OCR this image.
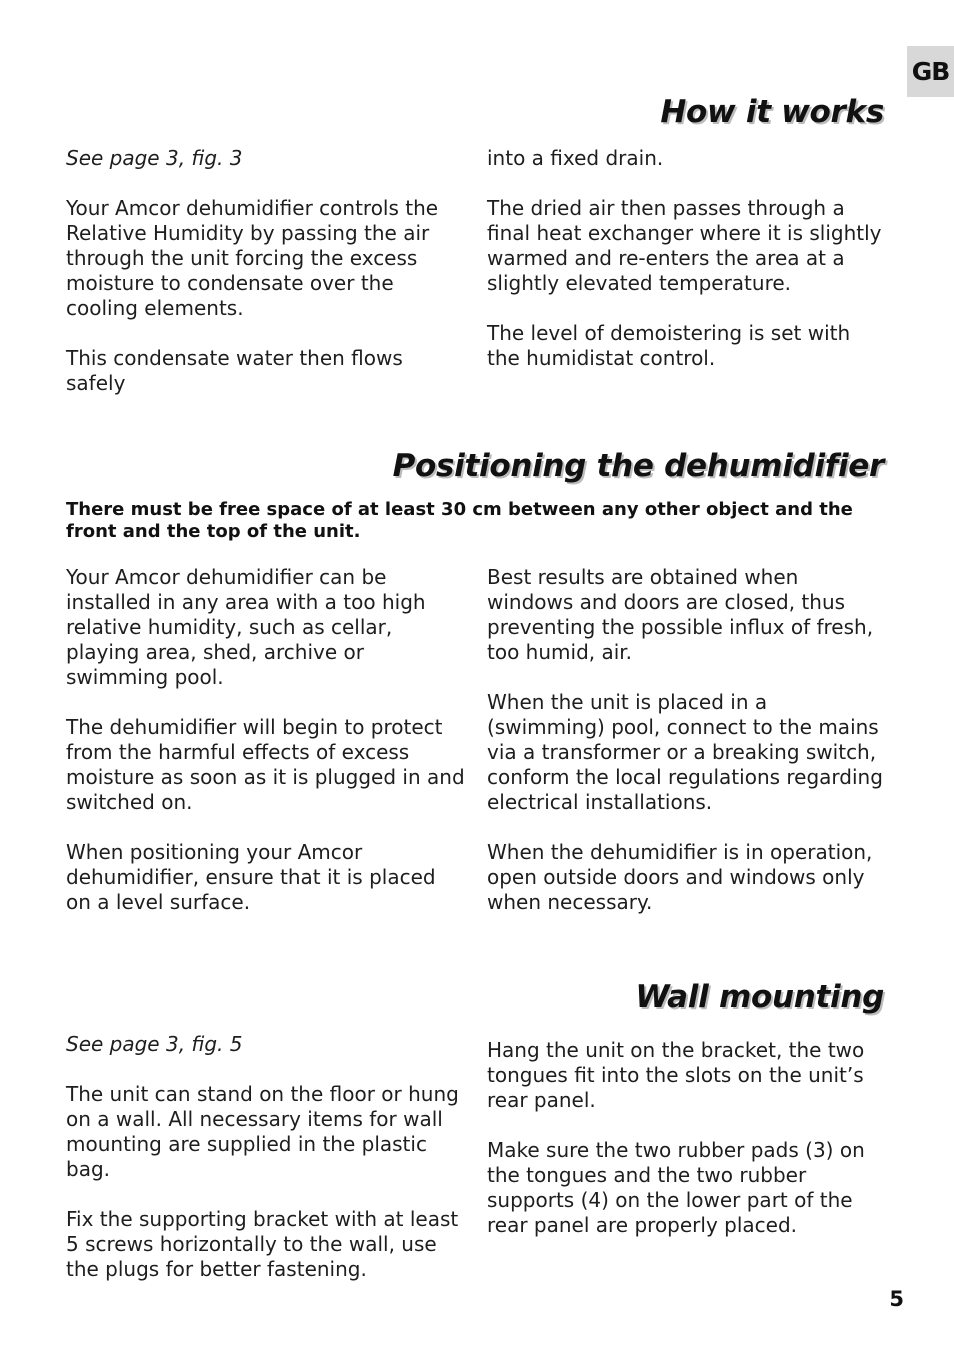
GB
How it works

See page 3, fig. 3

Your Amcor dehumidifier controls the Relative Humidity by passing the air through the unit forcing the excess moisture to condensate over the cooling elements.

This condensate water then flows safely

into a fixed drain.

The dried air then passes through a final heat exchanger where it is slightly warmed and re-enters the area at a slightly elevated temperature.

The level of demoistering is set with the humidistat control.

Positioning the dehumidifier

There must be free space of at least 30 cm between any other object and the front and the top of the unit.

Your Amcor dehumidifier can be installed in any area with a too high relative humidity, such as cellar, playing area, shed, archive or swimming pool.

The dehumidifier will begin to protect from the harmful effects of excess moisture as soon as it is plugged in and switched on.

When positioning your Amcor dehumidifier, ensure that it is placed on a level surface.

Best results are obtained when windows and doors are closed, thus preventing the possible influx of fresh, too humid, air.

When the unit is placed in a (swimming) pool, connect to the mains via a transformer or a breaking switch, conform the local regulations regarding electrical installations.

When the dehumidifier is in operation, open outside doors and windows only when necessary.

Wall mounting

See page 3, fig. 5

The unit can stand on the floor or hung on a wall. All necessary items for wall mounting are supplied in the plastic bag.

Fix the supporting bracket with at least 5 screws horizontally to the wall, use the plugs for better fastening.

Hang the unit on the bracket, the two tongues fit into the slots on the unit’s rear panel.

Make sure the two rubber pads (3) on the tongues and the two rubber supports (4) on the lower part of the rear panel are properly placed.

5
